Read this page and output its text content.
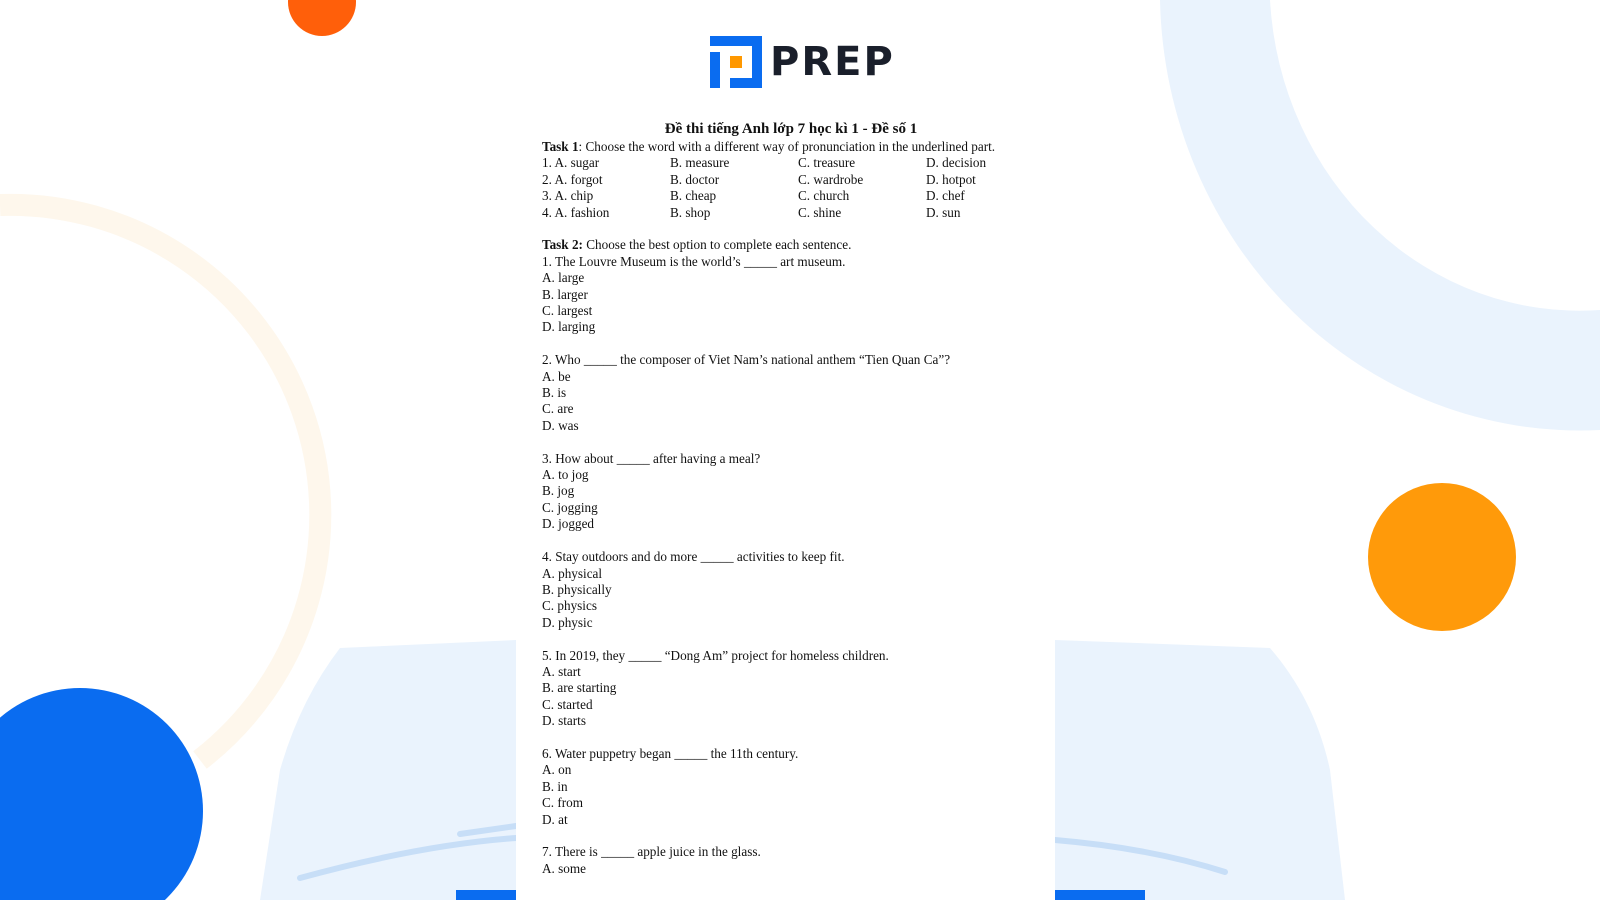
PREP
Đề thi tiếng Anh lớp 7 học kì 1 - Đề số 1
Task 1: Choose the word with a different way of pronunciation in the underlined part.
1. A. sugar	B. measure	C. treasure	D. decision
2. A. forgot	B. doctor	C. wardrobe	D. hotpot
3. A. chip	B. cheap	C. church	D. chef
4. A. fashion	B. shop	C. shine	D. sun
Task 2: Choose the best option to complete each sentence.
1. The Louvre Museum is the world’s _____ art museum.
A. large
B. larger
C. largest
D. larging
2. Who _____ the composer of Viet Nam’s national anthem “Tien Quan Ca”?
A. be
B. is
C. are
D. was
3. How about _____ after having a meal?
A. to jog
B. jog
C. jogging
D. jogged
4. Stay outdoors and do more _____ activities to keep fit.
A. physical
B. physically
C. physics
D. physic
5. In 2019, they _____ “Dong Am” project for homeless children.
A. start
B. are starting
C. started
D. starts
6. Water puppetry began _____ the 11th century.
A. on
B. in
C. from
D. at
7. There is _____ apple juice in the glass.
A. some
